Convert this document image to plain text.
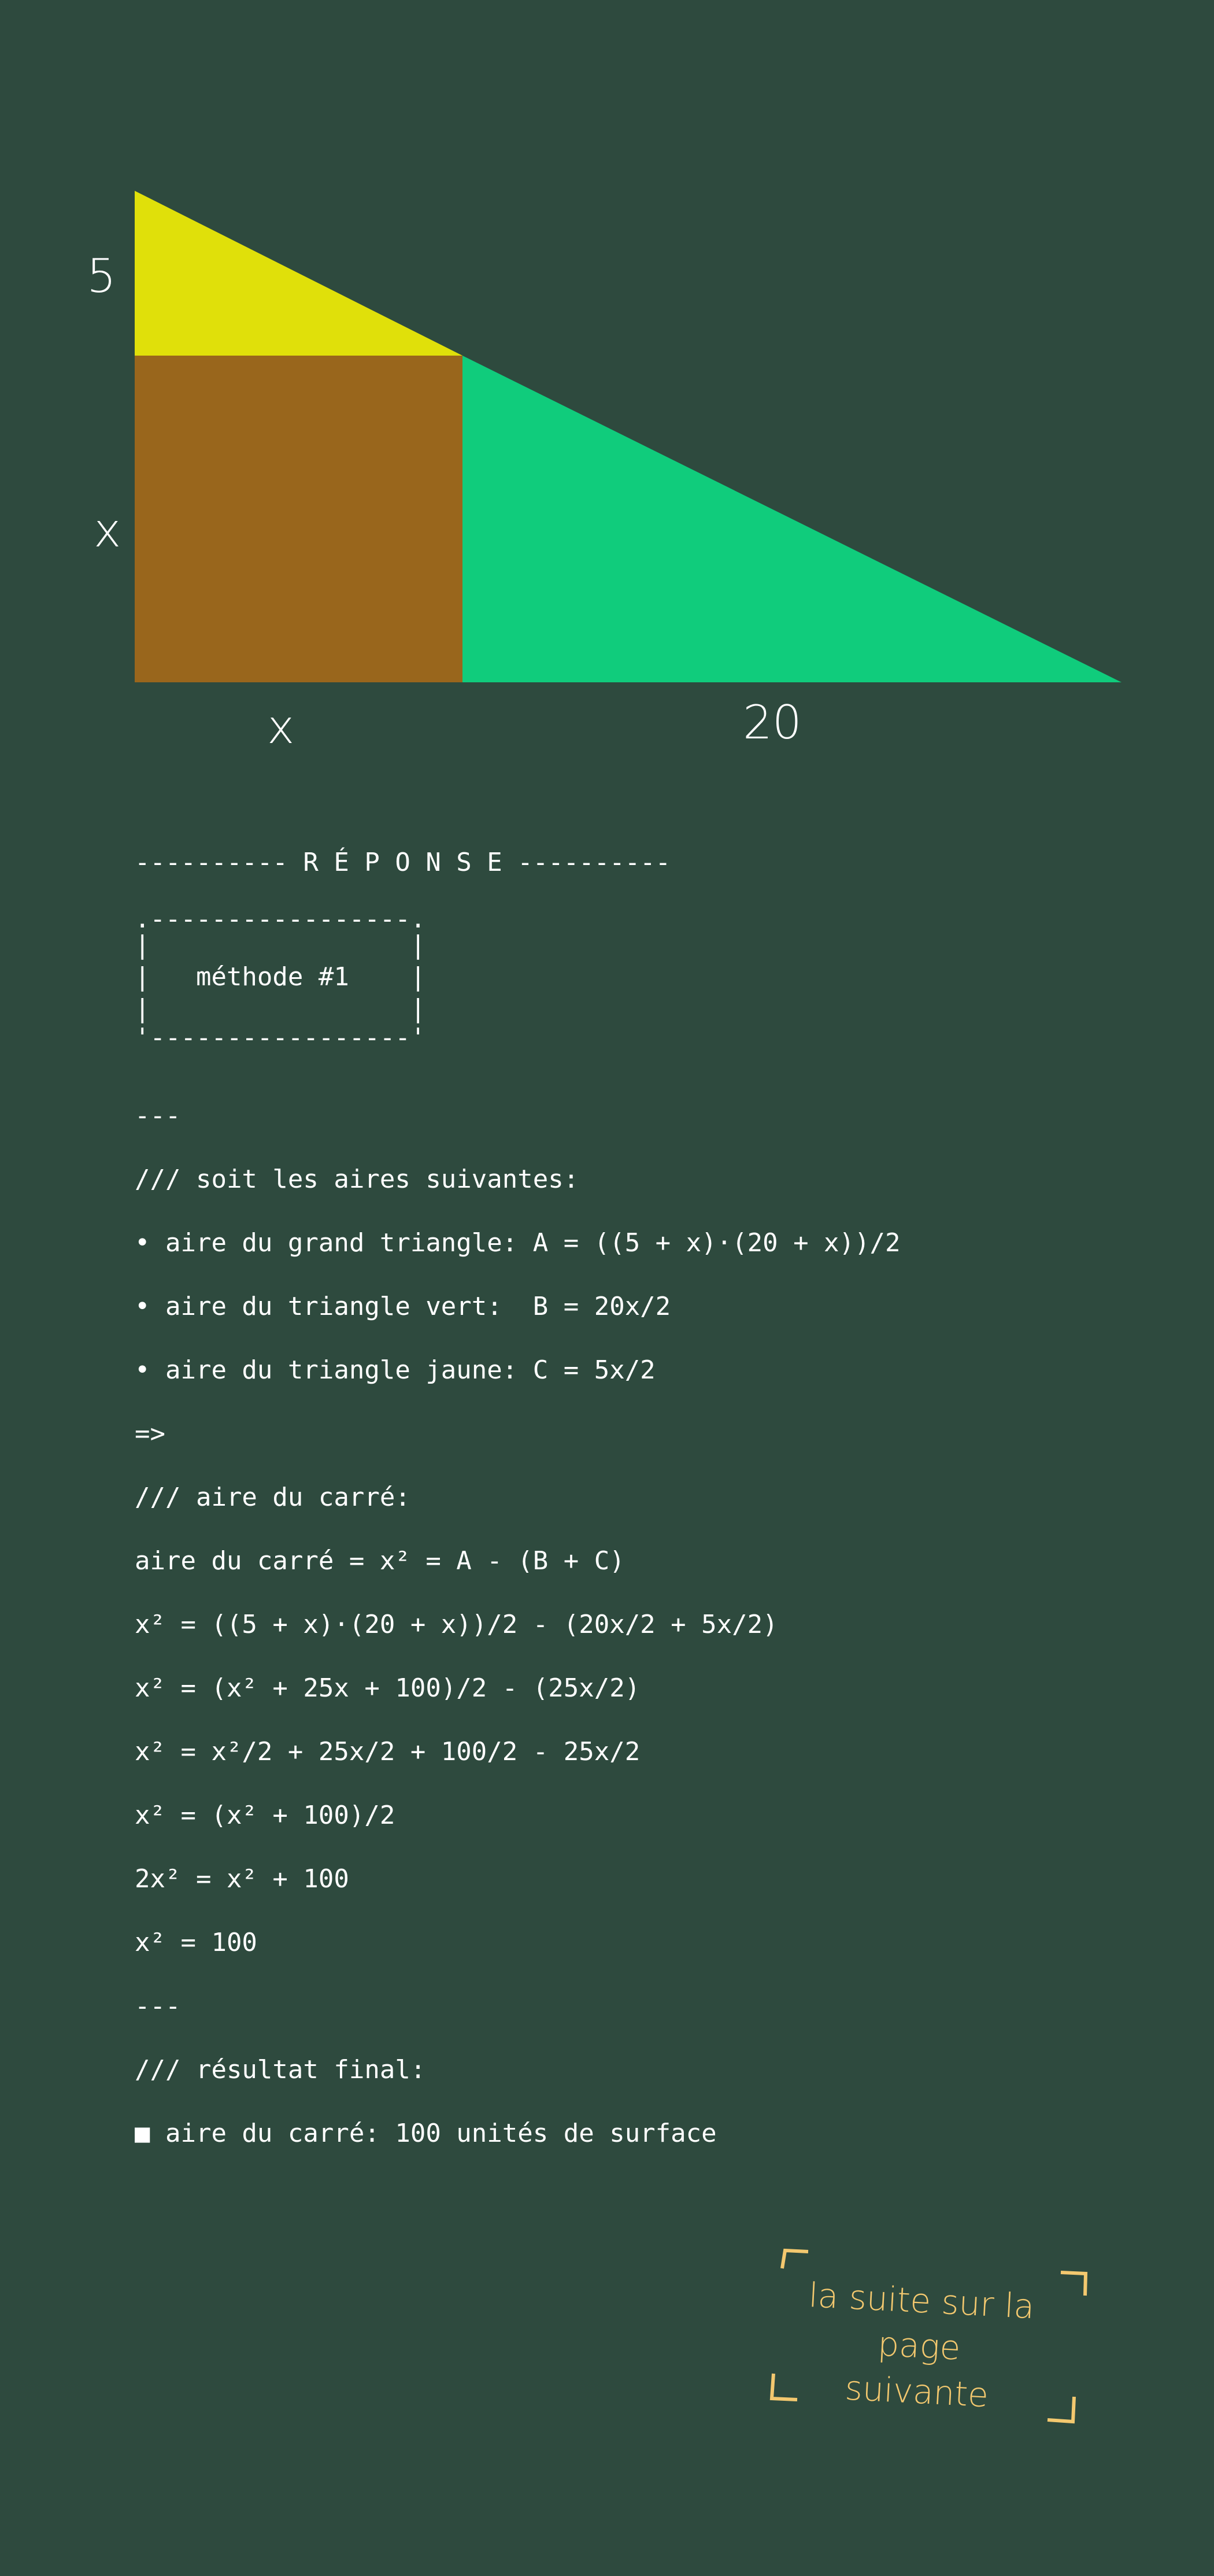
5
x
x	20
---------- R É P O N S E ----------
.-----------------.
|                 |
|   méthode #1    |
|                 |
'-----------------'
---
/// soit les aires suivantes:
• aire du grand triangle: A = ((5 + x)·(20 + x))/2
• aire du triangle vert:  B = 20x/2
• aire du triangle jaune: C = 5x/2
=>
/// aire du carré:
aire du carré = x² = A - (B + C)
x² = ((5 + x)·(20 + x))/2 - (20x/2 + 5x/2)
x² = (x² + 25x + 100)/2 - (25x/2)
x² = x²/2 + 25x/2 + 100/2 - 25x/2
x² = (x² + 100)/2
2x² = x² + 100
x² = 100
---
/// résultat final:
■ aire du carré: 100 unités de surface
la suite sur la
page suivante
